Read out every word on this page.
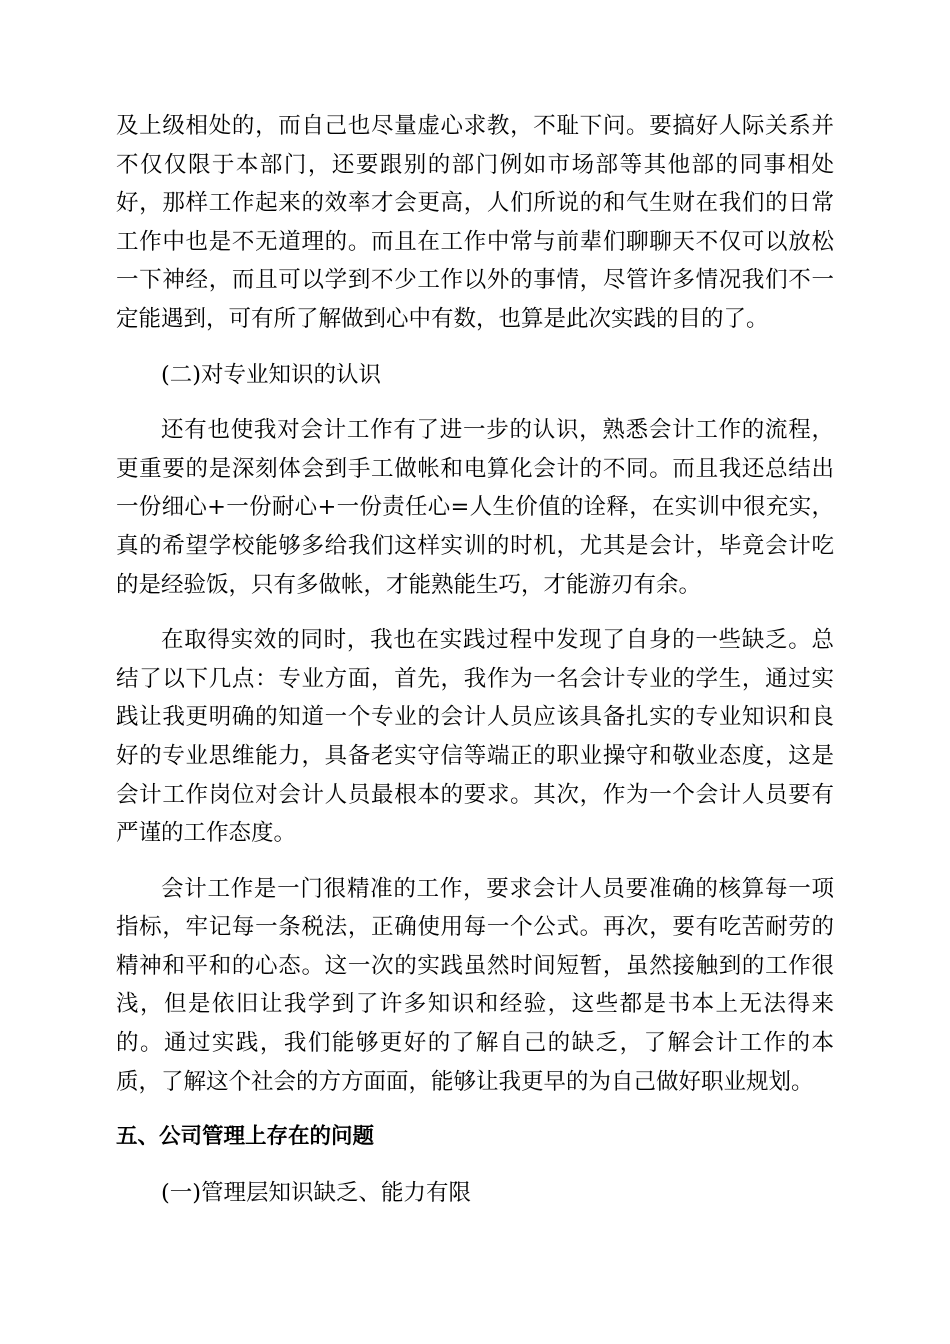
及上级相处的，而自己也尽量虚心求教，不耻下问。要搞好人际关系并不仅仅限于本部门，还要跟别的部门例如市场部等其他部的同事相处好，那样工作起来的效率才会更高，人们所说的和气生财在我们的日常工作中也是不无道理的。而且在工作中常与前辈们聊聊天不仅可以放松一下神经，而且可以学到不少工作以外的事情，尽管许多情况我们不一定能遇到，可有所了解做到心中有数，也算是此次实践的目的了。

(二)对专业知识的认识

还有也使我对会计工作有了进一步的认识，熟悉会计工作的流程，更重要的是深刻体会到手工做帐和电算化会计的不同。而且我还总结出一份细心+一份耐心+一份责任心=人生价值的诠释，在实训中很充实，真的希望学校能够多给我们这样实训的时机，尤其是会计，毕竟会计吃的是经验饭，只有多做帐，才能熟能生巧，才能游刃有余。

在取得实效的同时，我也在实践过程中发现了自身的一些缺乏。总结了以下几点：专业方面，首先，我作为一名会计专业的学生，通过实践让我更明确的知道一个专业的会计人员应该具备扎实的专业知识和良好的专业思维能力，具备老实守信等端正的职业操守和敬业态度，这是会计工作岗位对会计人员最根本的要求。其次，作为一个会计人员要有严谨的工作态度。

会计工作是一门很精准的工作，要求会计人员要准确的核算每一项指标，牢记每一条税法，正确使用每一个公式。再次，要有吃苦耐劳的精神和平和的心态。这一次的实践虽然时间短暂，虽然接触到的工作很浅，但是依旧让我学到了许多知识和经验，这些都是书本上无法得来的。通过实践，我们能够更好的了解自己的缺乏，了解会计工作的本质，了解这个社会的方方面面，能够让我更早的为自己做好职业规划。

五、公司管理上存在的问题

(一)管理层知识缺乏、能力有限
